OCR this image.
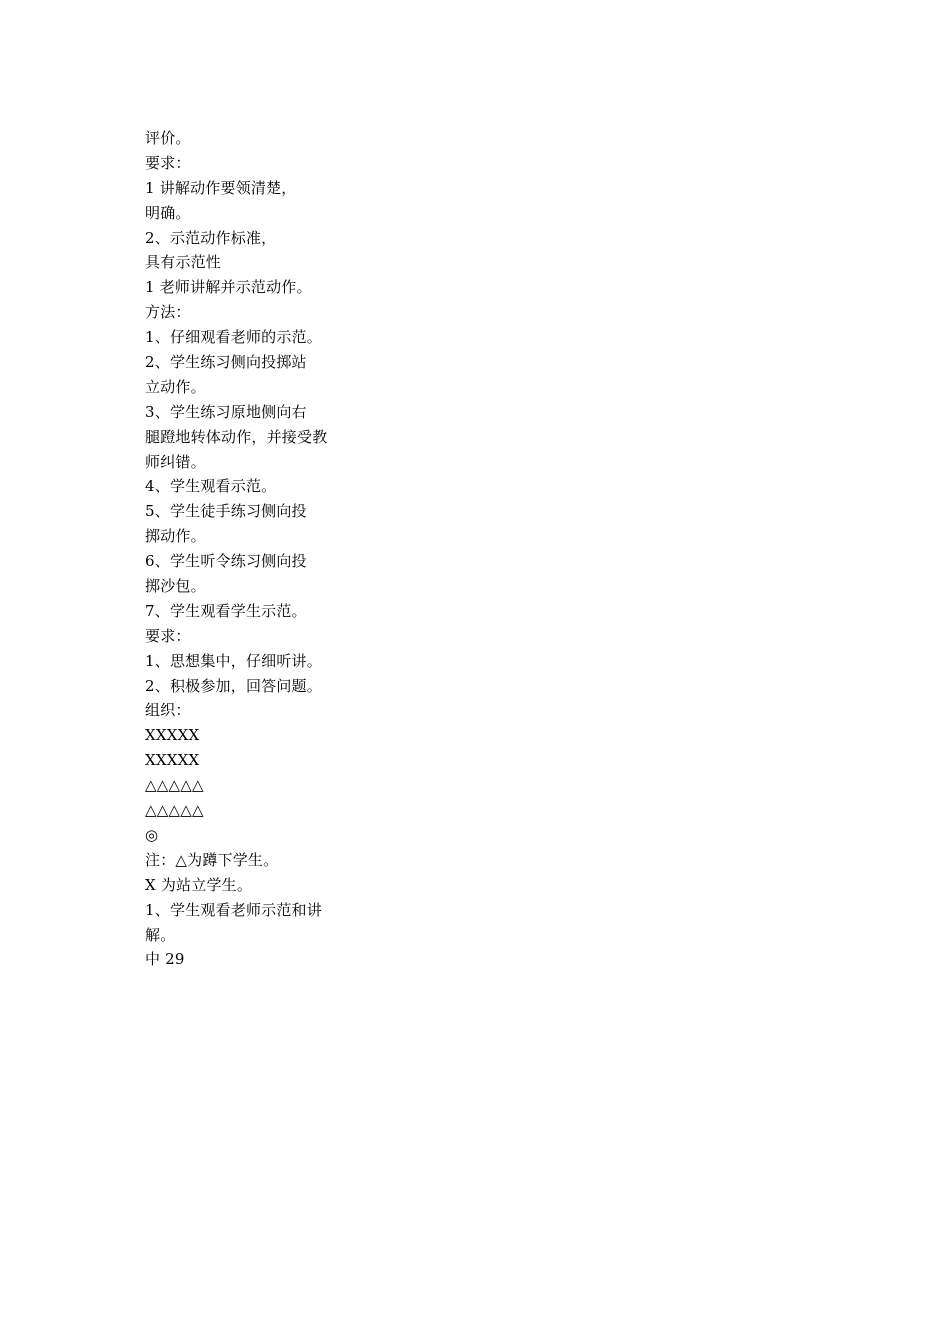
评价。
要求：
1 讲解动作要领清楚，
明确。
2、示范动作标准，
具有示范性
1 老师讲解并示范动作。
方法：
1、仔细观看老师的示范。
2、学生练习侧向投掷站
立动作。
3、学生练习原地侧向右
腿蹬地转体动作，并接受教
师纠错。
4、学生观看示范。
5、学生徒手练习侧向投
掷动作。
6、学生听令练习侧向投
掷沙包。
7、学生观看学生示范。
要求：
1、思想集中，仔细听讲。
2、积极参加，回答问题。
组织：
XXXXX
XXXXX
△△△△△
△△△△△
◎
注：△为蹲下学生。
X 为站立学生。
1、学生观看老师示范和讲
解。
中 29
